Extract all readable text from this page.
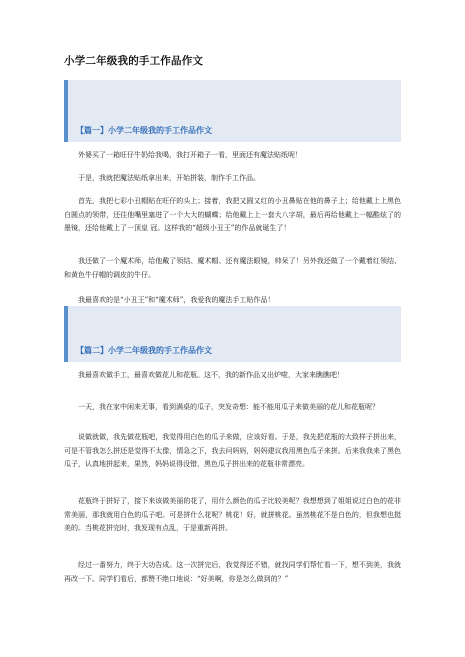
小学二年级我的手工作品作文
【篇一】小学二年级我的手工作品作文

外婆买了一箱旺仔牛奶给我喝，我打开箱子一看，里面还有魔法贴纸呢！

于是，我就把魔法贴纸拿出来，开始拼装，制作手工作品。

首先，我把七彩小丑帽贴在旺仔的头上；接着，我把又圆又红的小丑鼻贴在他的鼻子上；给他戴上上黑色白圆点的领带，还往他嘴里塞进了一个大大的蝴蝶；给他戴上上一套大八字胡，最后再给他戴上一幅酷炫了的墨镜，还给他戴上了一顶皇 冠。这样我的“超级小丑王”的作品就诞生了！

我还做了一个魔术师，给他戴了领结、魔术帽、还有魔法眼镜，帅呆了！另外我还做了一个戴着红领结、和黄色牛仔帽的调皮的牛仔。

我最喜欢的是“小丑王”和“魔术师”，我爱我的魔法手工贴作品！

【篇二】小学二年级我的手工作品作文

我最喜欢做手工，最喜欢做花儿和花瓶。这不，我的新作品又出炉啦，大家来瞧瞧吧！

一天，我在家中闲来无事，看到满桌的瓜子，突发奇想：能不能用瓜子来做美丽的花儿和花瓶呢？

说做就做，我先做花瓶吧，我觉得用白色的瓜子来做，应该好看。于是，我先把花瓶的大致样子拼出来，可是不管我怎么拼还是觉得不太像，情急之下，我去问妈妈，妈妈建议我用黑色瓜子来拼。后来我我来了黑色瓜子，认真地拼起来，果然，妈妈说得没错，黑色瓜子拼出来的花瓶非常漂亮。

花瓶终于拼好了，接下来该做美丽的花了，用什么颜色的瓜子比较美呢？我想想到了姐姐说过白色的花非常美丽，那我就用白色的瓜子吧。可是拼什么花呢？桃花！好，就拼桃花。虽然桃花不是白色的，但我想也挺美的。当桃花拼完时，我发现有点乱，于是重新再拼。

经过一番努力，终于大功告成。这一次拼完后，我觉得还不错，就找同学们帮忙看一下，想不到美，我就再改一下。同学们看后，都赞不绝口地说：“好美啊，你是怎么做到的？”
